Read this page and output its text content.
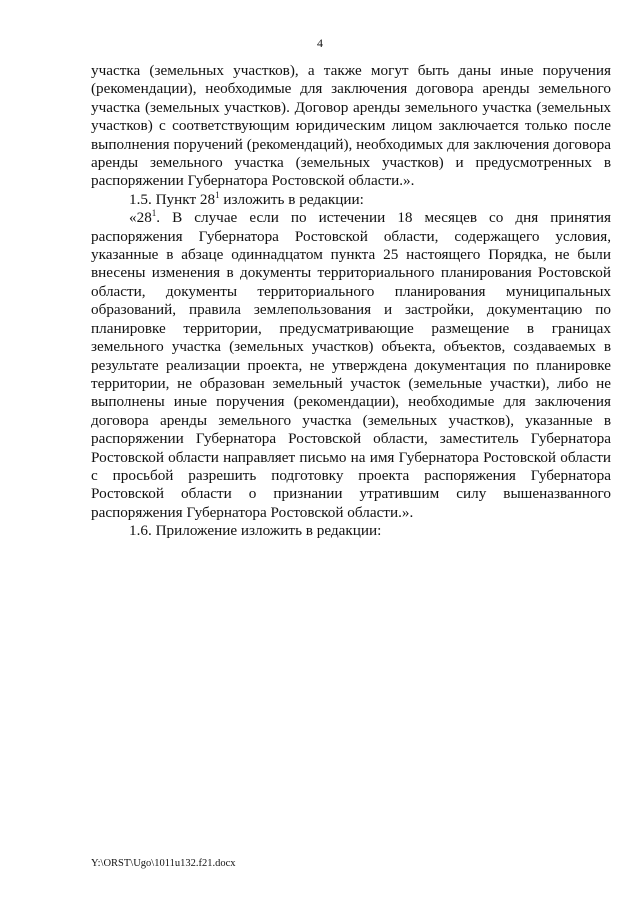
4

участка (земельных участков), а также могут быть даны иные поручения (рекомендации), необходимые для заключения договора аренды земельного участка (земельных участков). Договор аренды земельного участка (земельных участков) с соответствующим юридическим лицом заключается только после выполнения поручений (рекомендаций), необходимых для заключения договора аренды земельного участка (земельных участков) и предусмотренных в распоряжении Губернатора Ростовской области.».

1.5. Пункт $28^1$ изложить в редакции:

«$28^1$. В случае если по истечении 18 месяцев со дня принятия распоряжения Губернатора Ростовской области, содержащего условия, указанные в абзаце одиннадцатом пункта 25 настоящего Порядка, не были внесены изменения в документы территориального планирования Ростовской области, документы территориального планирования муниципальных образований, правила землепользования и застройки, документацию по планировке территории, предусматривающие размещение в границах земельного участка (земельных участков) объекта, объектов, создаваемых в результате реализации проекта, не утверждена документация по планировке территории, не образован земельный участок (земельные участки), либо не выполнены иные поручения (рекомендации), необходимые для заключения договора аренды земельного участка (земельных участков), указанные в распоряжении Губернатора Ростовской области, заместитель Губернатора Ростовской области направляет письмо на имя Губернатора Ростовской области с просьбой разрешить подготовку проекта распоряжения Губернатора Ростовской области о признании утратившим силу вышеназванного распоряжения Губернатора Ростовской области.».

1.6. Приложение изложить в редакции:

Y:\ORST\Ugo\1011u132.f21.docx
